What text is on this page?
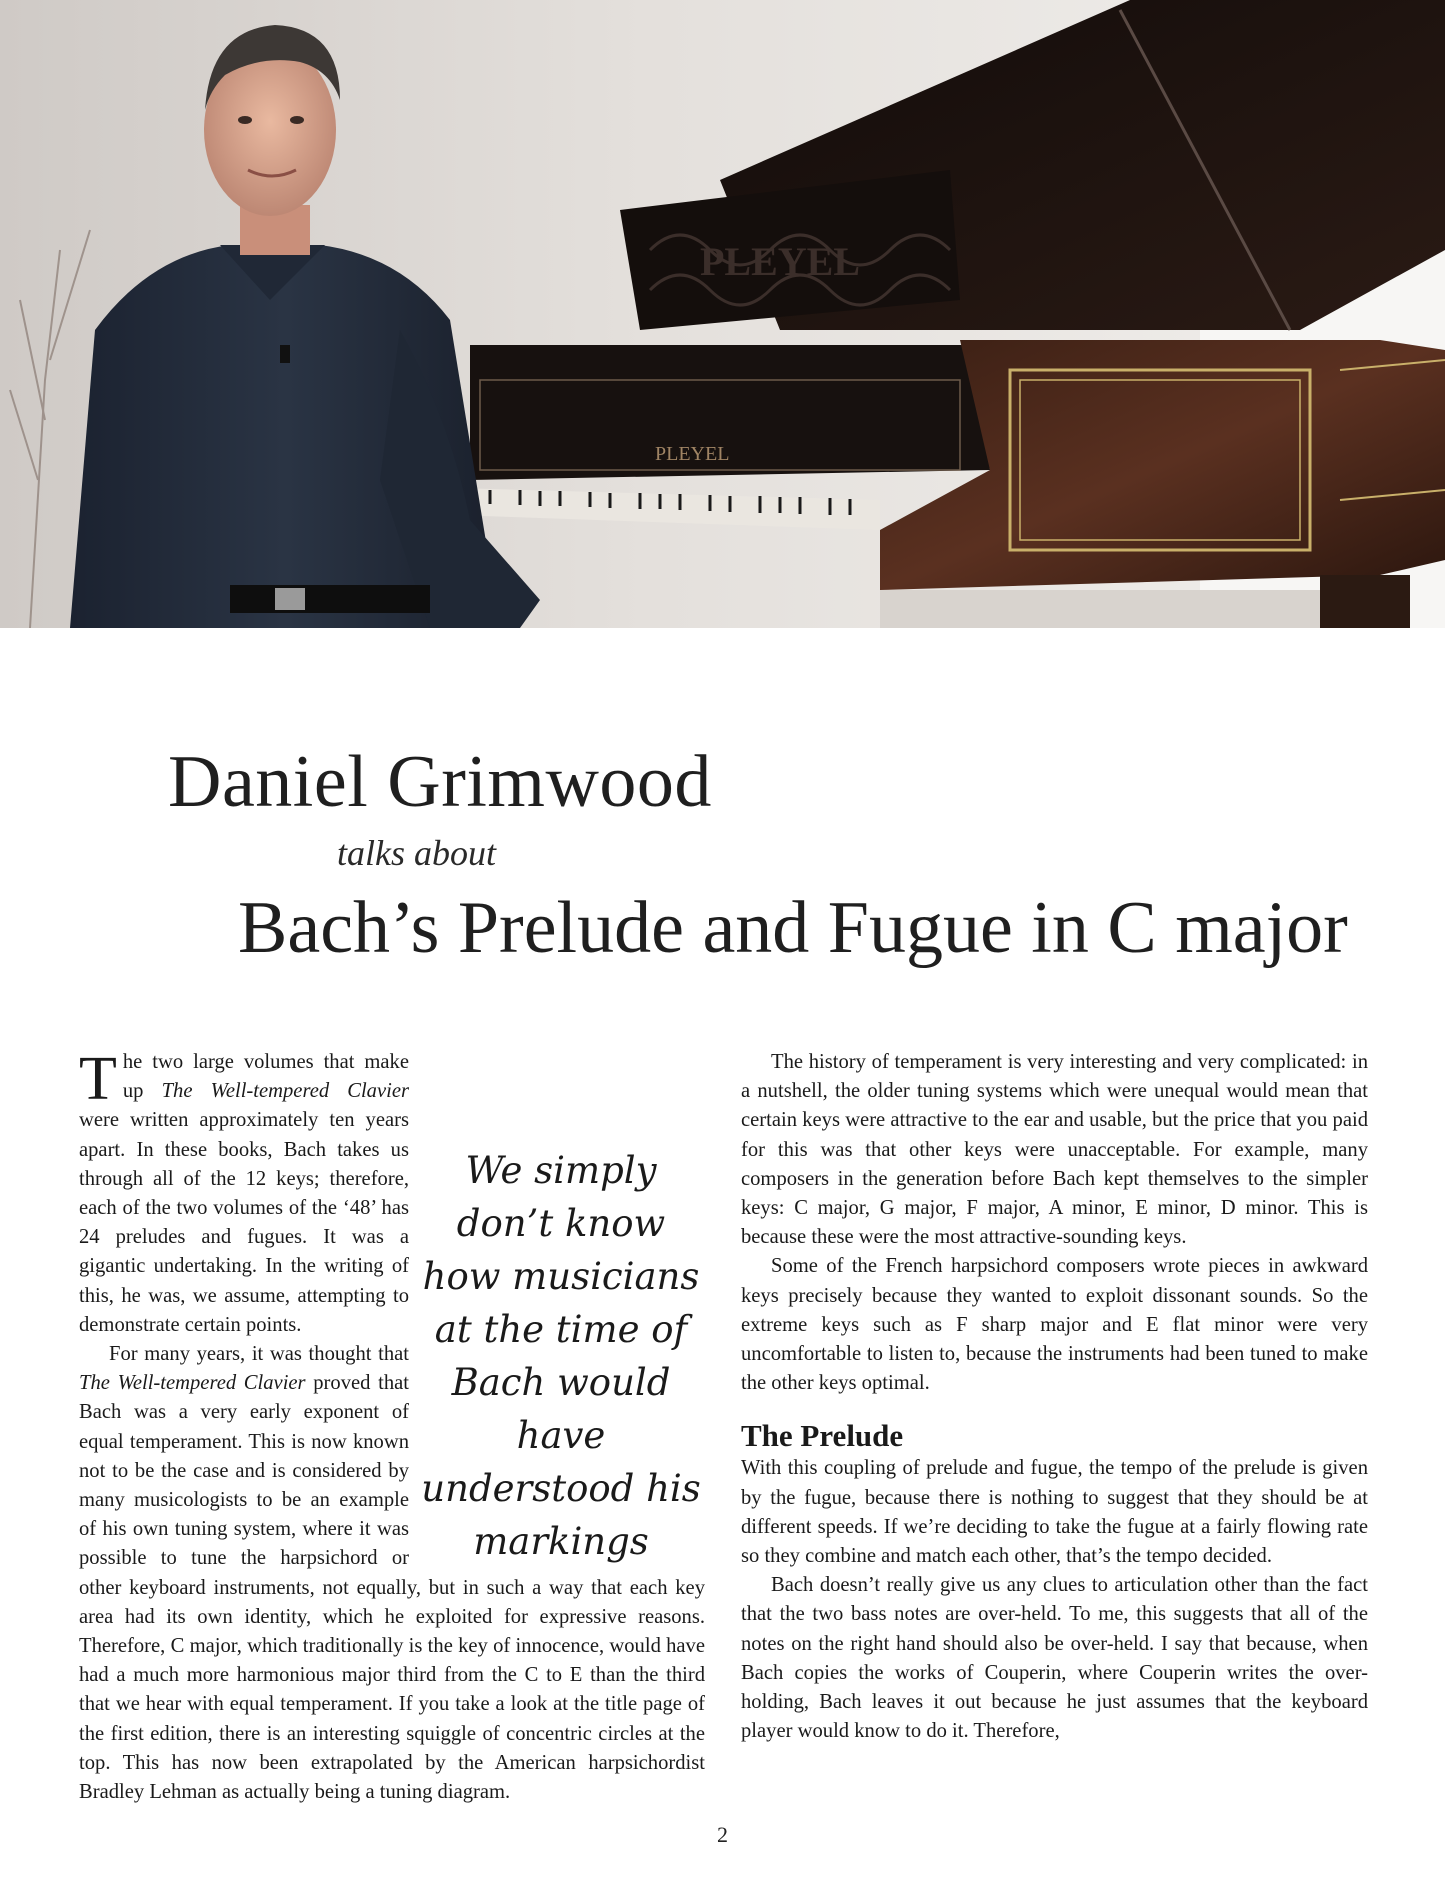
PLEYEL
PLEYEL
Daniel Grimwood
talks about
Bach’s Prelude and Fugue in C major
We simply don’t know how musicians at the time of Bach would have understood his markings

The two large volumes that make up The Well-tempered Clavier were written approximately ten years apart. In these books, Bach takes us through all of the 12 keys; therefore, each of the two volumes of the ‘48’ has 24 preludes and fugues. It was a gigantic undertaking. In the writing of this, he was, we assume, attempting to demonstrate certain points.

For many years, it was thought that The Well-tempered Clavier proved that Bach was a very early exponent of equal temperament. This is now known not to be the case and is considered by many musicologists to be an example of his own tuning system, where it was possible to tune the harpsichord or other keyboard instruments, not equally, but in such a way that each key area had its own identity, which he exploited for expressive reasons. Therefore, C major, which traditionally is the key of innocence, would have had a much more harmonious major third from the C to E than the third that we hear with equal temperament. If you take a look at the title page of the first edition, there is an interesting squiggle of concentric circles at the top. This has now been extrapolated by the American harpsichordist Bradley Lehman as actually being a tuning diagram.

The history of temperament is very interesting and very complicated: in a nutshell, the older tuning systems which were unequal would mean that certain keys were attractive to the ear and usable, but the price that you paid for this was that other keys were unacceptable. For example, many composers in the generation before Bach kept themselves to the simpler keys: C major, G major, F major, A minor, E minor, D minor. This is because these were the most attractive-sounding keys.

Some of the French harpsichord composers wrote pieces in awkward keys precisely because they wanted to exploit dissonant sounds. So the extreme keys such as F sharp major and E flat minor were very uncomfortable to listen to, because the instruments had been tuned to make the other keys optimal.

The Prelude

With this coupling of prelude and fugue, the tempo of the prelude is given by the fugue, because there is nothing to suggest that they should be at different speeds. If we’re deciding to take the fugue at a fairly flowing rate so they combine and match each other, that’s the tempo decided.

Bach doesn’t really give us any clues to articulation other than the fact that the two bass notes are over-held. To me, this suggests that all of the notes on the right hand should also be over-held. I say that because, when Bach copies the works of Couperin, where Couperin writes the over-holding, Bach leaves it out because he just assumes that the keyboard player would know to do it. Therefore,

2
